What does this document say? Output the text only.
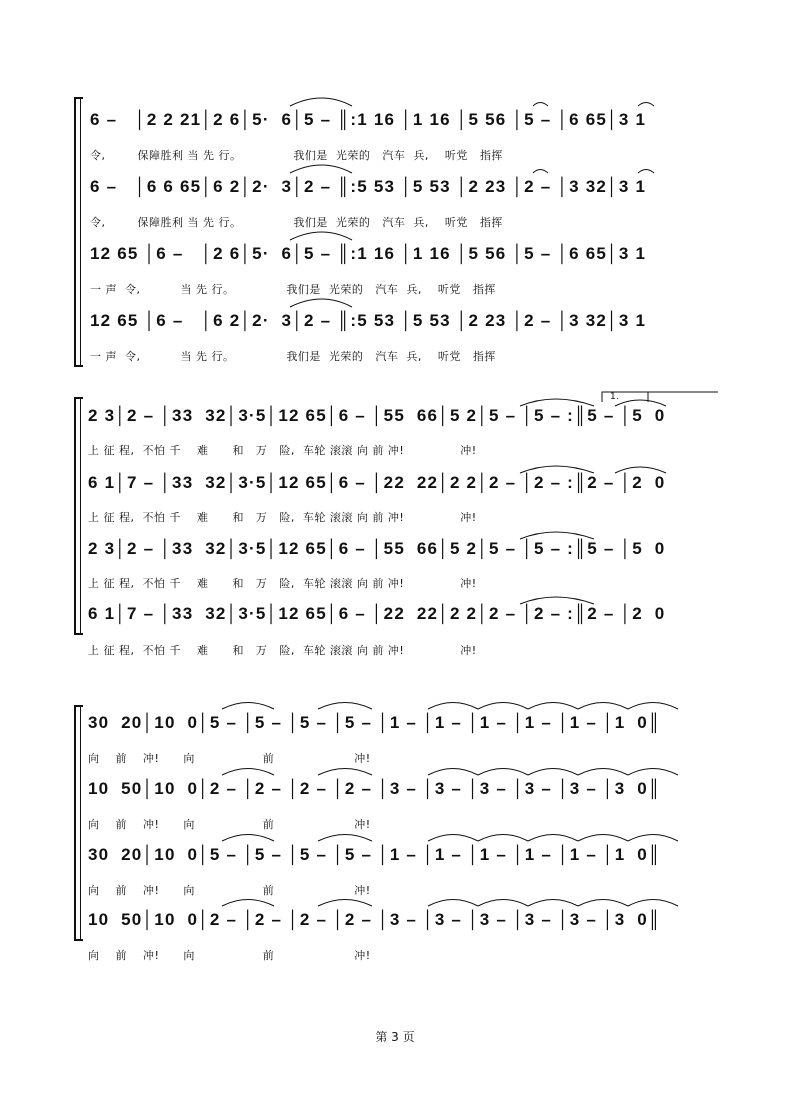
6 –   │2 2 21│2 6│5·  6│5 – ║:1 16 │1 16 │5 56 │5 – │6 65│3 1
令,        保障胜利 当 先 行。             我们是  光荣的   汽车  兵,    听党   指挥
6 –   │6 6 65│6 2│2·  3│2 – ║:5 53 │5 53 │2 23 │2 – │3 32│3 1
令,        保障胜利 当 先 行。             我们是  光荣的   汽车  兵,    听党   指挥
12 65 │6 –   │2 6│5·  6│5 – ║:1 16 │1 16 │5 56 │5 – │6 65│3 1
一 声  令,          当 先 行。             我们是  光荣的   汽车  兵,    听党   指挥
12 65 │6 –   │6 2│2·  3│2 – ║:5 53 │5 53 │2 23 │2 – │3 32│3 1
一 声  令,          当 先 行。             我们是  光荣的   汽车  兵,    听党   指挥
1.
2 3│2 – │33  32│3·5│12 65│6 – │55  66│5 2│5 – │5 – :║5 – │5  0
上 征 程,  不怕 千    难      和   万   险,  车轮 滚滚 向 前 冲!              冲!
6 1│7 – │33  32│3·5│12 65│6 – │22  22│2 2│2 – │2 – :║2 – │2  0
上 征 程,  不怕 千    难      和   万   险,  车轮 滚滚 向 前 冲!              冲!
2 3│2 – │33  32│3·5│12 65│6 – │55  66│5 2│5 – │5 – :║5 – │5  0
上 征 程,  不怕 千    难      和   万   险,  车轮 滚滚 向 前 冲!              冲!
6 1│7 – │33  32│3·5│12 65│6 – │22  22│2 2│2 – │2 – :║2 – │2  0
上 征 程,  不怕 千    难      和   万   险,  车轮 滚滚 向 前 冲!              冲!
30  20│10  0│5 – │5 – │5 – │5 – │1 – │1 – │1 – │1 – │1 – │1  0║
向    前    冲!      向                 前                    冲!
10  50│10  0│2 – │2 – │2 – │2 – │3 – │3 – │3 – │3 – │3 – │3  0║
向    前    冲!      向                 前                    冲!
30  20│10  0│5 – │5 – │5 – │5 – │1 – │1 – │1 – │1 – │1 – │1  0║
向    前    冲!      向                 前                    冲!
10  50│10  0│2 – │2 – │2 – │2 – │3 – │3 – │3 – │3 – │3 – │3  0║
向    前    冲!      向                 前                    冲!
第 3 页
